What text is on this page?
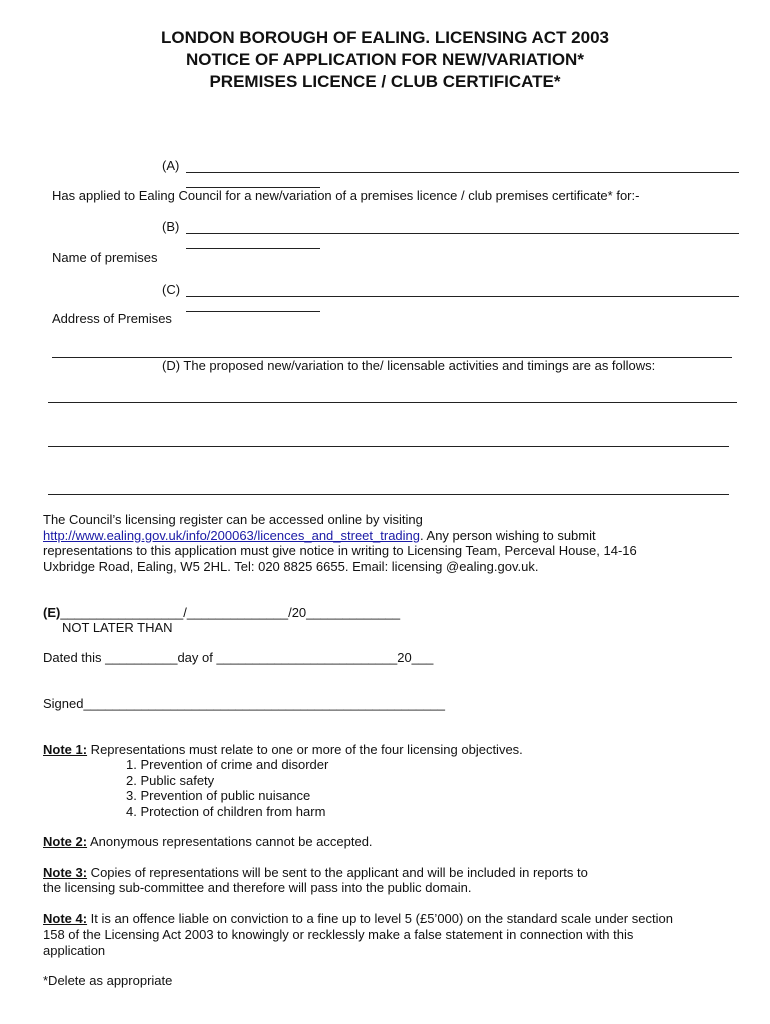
LONDON BOROUGH OF EALING. LICENSING ACT 2003
NOTICE OF APPLICATION FOR NEW/VARIATION*
PREMISES LICENCE / CLUB CERTIFICATE*
(A)
Has applied to Ealing Council for a new/variation of a premises licence / club premises certificate* for:-
(B)
Name of premises
(C)
Address of Premises
(D) The proposed new/variation to the/ licensable activities and timings are as follows:
The Council’s licensing register can be accessed online by visiting
http://www.ealing.gov.uk/info/200063/licences_and_street_trading. Any person wishing to submit
representations to this application must give notice in writing to Licensing Team, Perceval House, 14-16
Uxbridge Road, Ealing, W5 2HL. Tel: 020 8825 6655. Email: licensing @ealing.gov.uk.
(E)_________________/______________/20_____________
NOT LATER THAN
Dated this __________day of _________________________20___
Signed__________________________________________________
Note 1: Representations must relate to one or more of the four licensing objectives.
1. Prevention of crime and disorder
2. Public safety
3. Prevention of public nuisance
4. Protection of children from harm
Note 2: Anonymous representations cannot be accepted.
Note 3: Copies of representations will be sent to the applicant and will be included in reports to
the licensing sub-committee and therefore will pass into the public domain.
Note 4: It is an offence liable on conviction to a fine up to level 5 (£5’000) on the standard scale under section
158 of the Licensing Act 2003 to knowingly or recklessly make a false statement in connection with this
application
*Delete as appropriate
